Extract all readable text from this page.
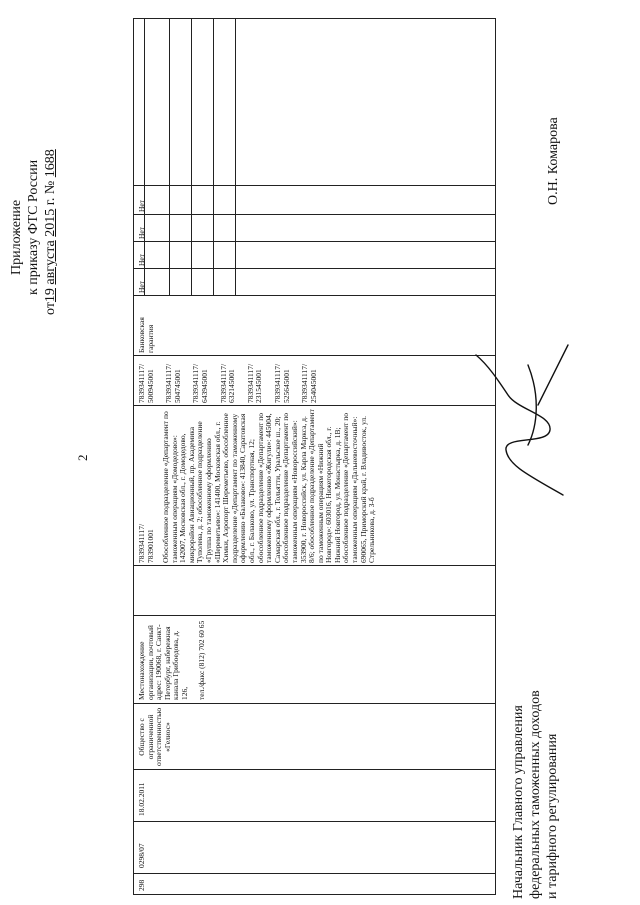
2
Приложение к приказу ФТС России
от19 августа 2015 г. № 1688
298
0298/07
18.02.2011
Общество с ограниченной ответственностью «Гелиос»
Местонахождение организации, почтовый адрес: 190068, г. Санкт-Петербург, набережная канала Грибоедова, д. 126, тел./факс (812) 702 60 65
7839341117/ 783901001 Обособленное подразделение «Департамент по таможенным операциям «Домодедово»: 142007, Московская обл., г. Домодедово, микрорайон Авиационный, пр. Академика Туполева, д. 2; обособленное подразделение «Группа по таможенному оформлению «Шереметьево»: 141400, Московская обл., г. Химки, Аэропорт Шереметьево, обособленное подразделение «Департамент по таможенному оформлению «Балаково»: 413840, Саратовская обл., г. Балаково, ул. Транспортная, 12; обособленное подразделение «Департамент по таможенному оформлению «Жигули»: 445004, Самарская обл., г. Тольятти, Уральское ш., 20; обособленное подразделение «Департамент по таможенным операциям «Новороссийский»: 353900, г. Новороссийск, ул. Карла Маркса, д. 8/6; обособленное подразделение «Департамент по таможенным операциям «Нижний Новгород»: 603016, Нижегородская обл., г. Нижний Новгород, ул. Монастырка, д. 1В; обособленное подразделение «Департамент по таможенным операциям «Дальневосточный»: 690065, Приморский край, г. Владивосток, ул. Стрельникова, д. 3-б
7839341117/ 500945001 7839341117/ 504745001 7839341117/ 643945001 7839341117/ 632145001 7839341117/ 231545001 7839341117/ 525645001 7839341117/ 254045001
Банковская гарантия
Нет
Нет
Нет
Нет
Начальник Главного управления федеральных таможенных доходов и тарифного регулирования
О.Н. Комарова
